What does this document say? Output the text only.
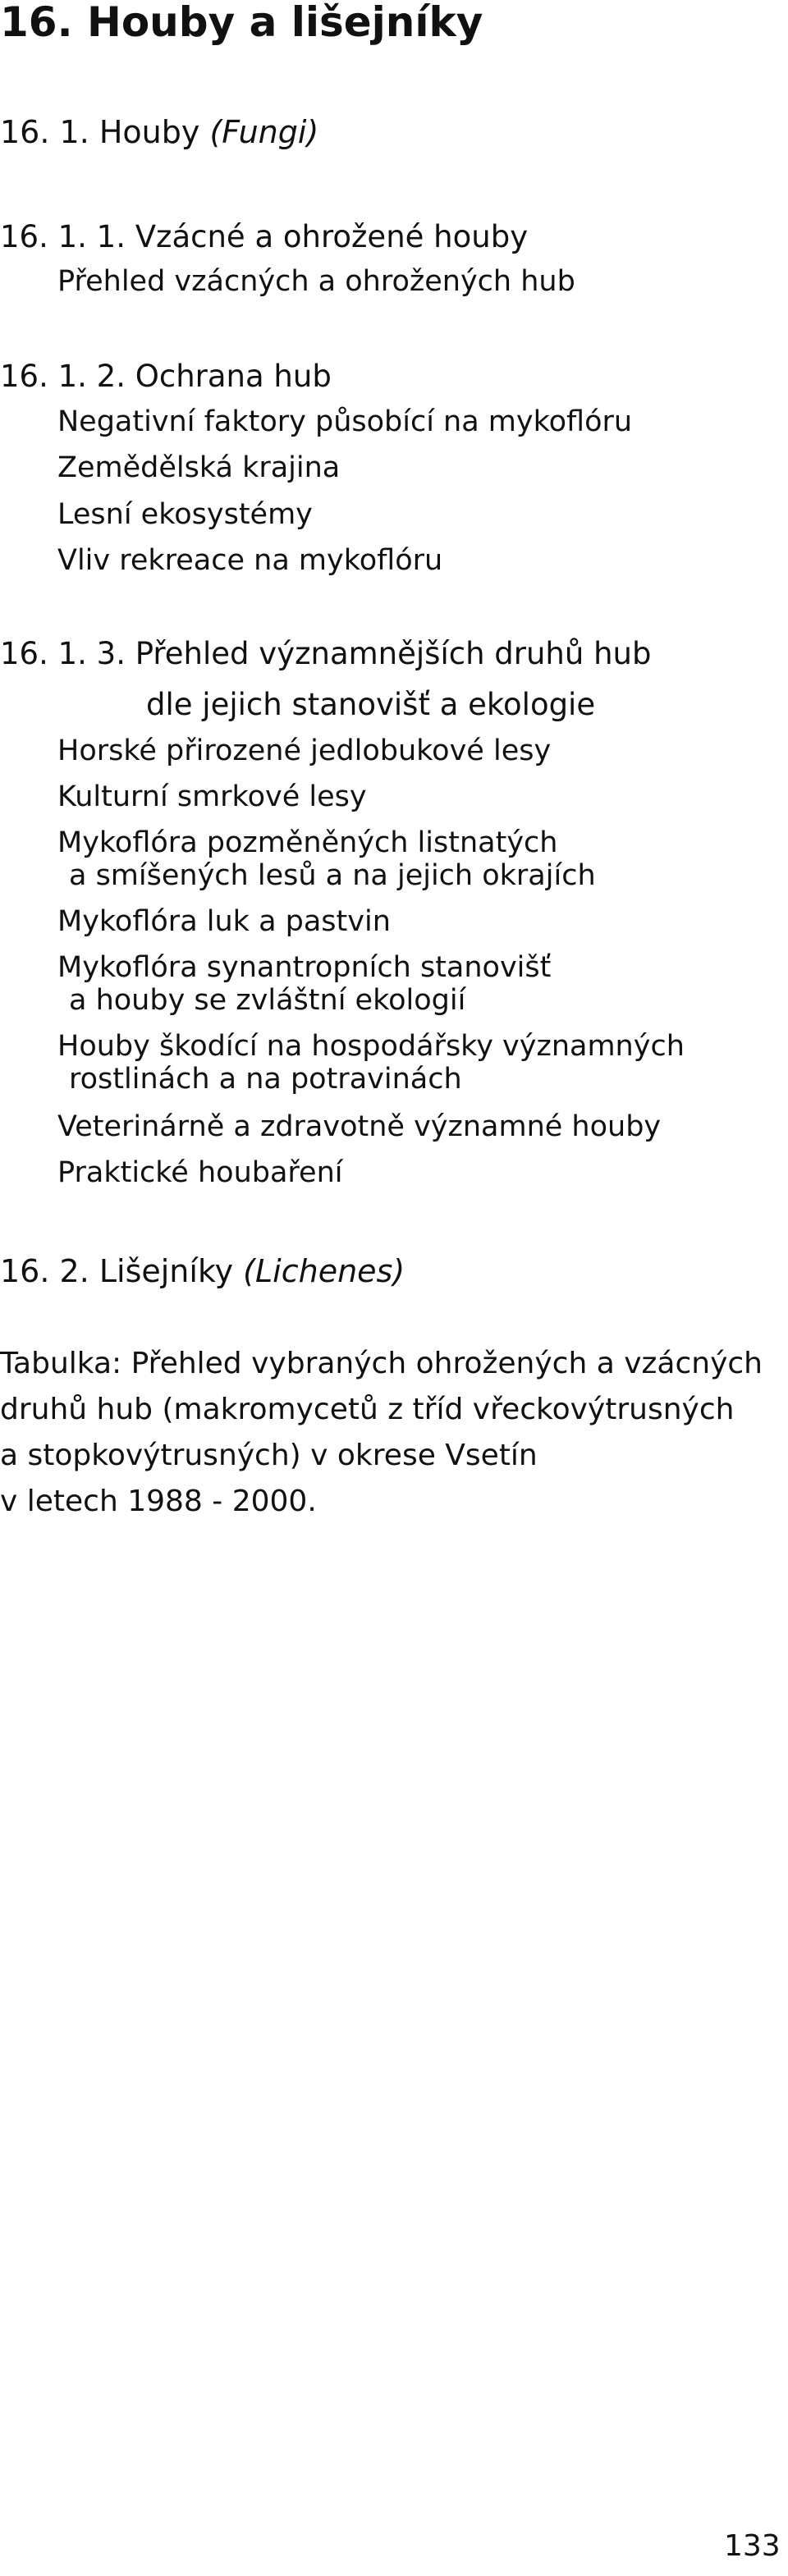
16. Houby a lišejníky
16. 1. Houby (Fungi)
16. 1. 1. Vzácné a ohrožené houby
Přehled vzácných a ohrožených hub
16. 1. 2. Ochrana hub
Negativní faktory působící na mykoflóru
Zemědělská krajina
Lesní ekosystémy
Vliv rekreace na mykoflóru
16. 1. 3. Přehled významnějších druhů hub
dle jejich stanovišť a ekologie
Horské přirozené jedlobukové lesy
Kulturní smrkové lesy
Mykoflóra pozměněných listnatých
a smíšených lesů a na jejich okrajích
Mykoflóra luk a pastvin
Mykoflóra synantropních stanovišť
a houby se zvláštní ekologií
Houby škodící na hospodářsky významných
rostlinách a na potravinách
Veterinárně a zdravotně významné houby
Praktické houbaření
16. 2. Lišejníky (Lichenes)
Tabulka: Přehled vybraných ohrožených a vzácných
druhů hub (makromycetů z tříd vřeckovýtrusných
a stopkovýtrusných) v okrese Vsetín
v letech 1988 - 2000.
133
